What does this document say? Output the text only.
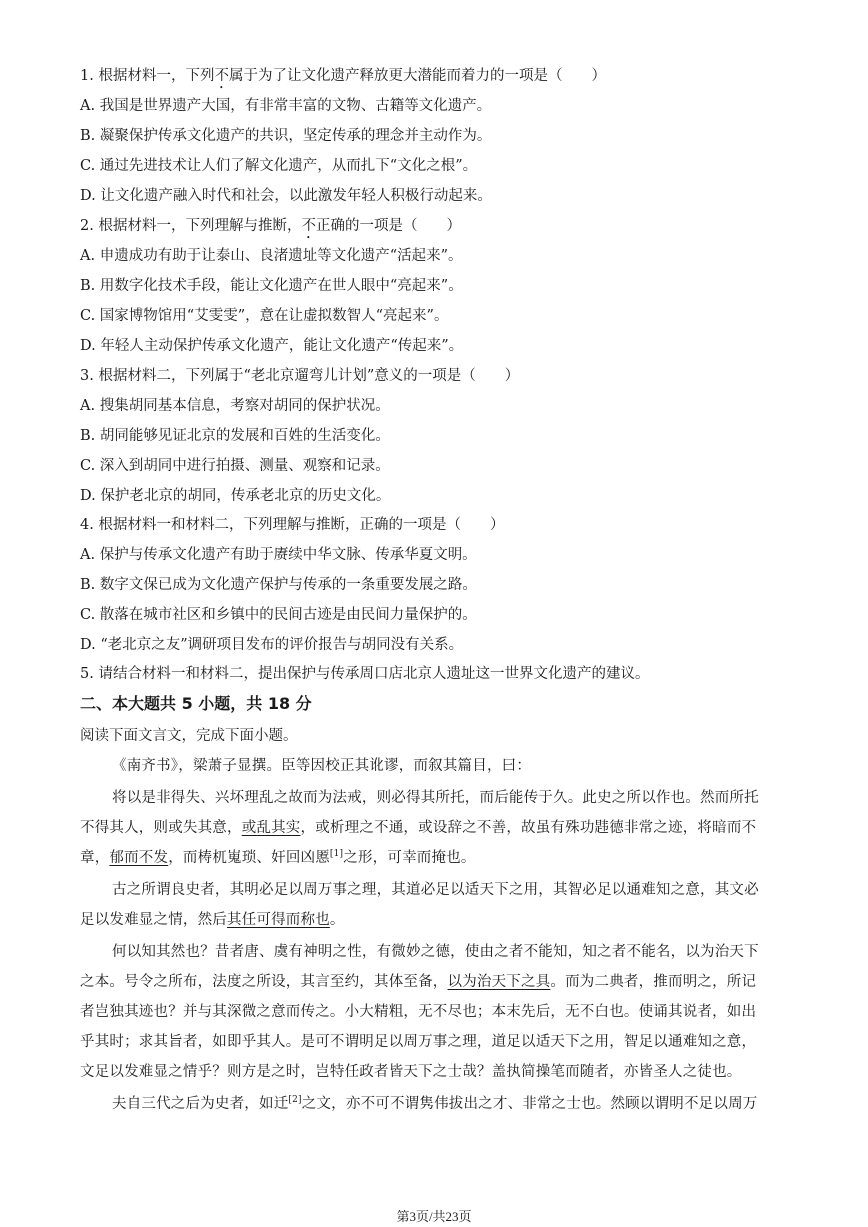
1. 根据材料一，下列不属于为了让文化遗产释放更大潜能而着力的一项是（　　）
A. 我国是世界遗产大国，有非常丰富的文物、古籍等文化遗产。
B. 凝聚保护传承文化遗产的共识，坚定传承的理念并主动作为。
C. 通过先进技术让人们了解文化遗产，从而扎下“文化之根”。
D. 让文化遗产融入时代和社会，以此激发年轻人积极行动起来。
2. 根据材料一，下列理解与推断，不正确的一项是（　　）
A. 申遗成功有助于让泰山、良渚遗址等文化遗产“活起来”。
B. 用数字化技术手段，能让文化遗产在世人眼中“亮起来”。
C. 国家博物馆用“艾雯雯”，意在让虚拟数智人“亮起来”。
D. 年轻人主动保护传承文化遗产，能让文化遗产“传起来”。
3. 根据材料二，下列属于“老北京遛弯儿计划”意义的一项是（　　）
A. 搜集胡同基本信息，考察对胡同的保护状况。
B. 胡同能够见证北京的发展和百姓的生活变化。
C. 深入到胡同中进行拍摄、测量、观察和记录。
D. 保护老北京的胡同，传承老北京的历史文化。
4. 根据材料一和材料二，下列理解与推断，正确的一项是（　　）
A. 保护与传承文化遗产有助于赓续中华文脉、传承华夏文明。
B. 数字文保已成为文化遗产保护与传承的一条重要发展之路。
C. 散落在城市社区和乡镇中的民间古迹是由民间力量保护的。
D. “老北京之友”调研项目发布的评价报告与胡同没有关系。
5. 请结合材料一和材料二，提出保护与传承周口店北京人遗址这一世界文化遗产的建议。
二、本大题共 5 小题，共 18 分
阅读下面文言文，完成下面小题。
《南齐书》，梁萧子显撰。臣等因校正其讹谬，而叙其篇目，曰：
将以是非得失、兴坏理乱之故而为法戒，则必得其所托，而后能传于久。此史之所以作也。然而所托
不得其人，则或失其意，或乱其实，或析理之不通，或设辞之不善，故虽有殊功韪德非常之迹，将暗而不
章，郁而不发，而梼杌嵬琐、奸回凶慝[1]之形，可幸而掩也。
古之所谓良史者，其明必足以周万事之理，其道必足以适天下之用，其智必足以通难知之意，其文必
足以发难显之情，然后其任可得而称也。
何以知其然也？昔者唐、虞有神明之性，有微妙之德，使由之者不能知，知之者不能名，以为治天下
之本。号令之所布，法度之所设，其言至约，其体至备，以为治天下之具。而为二典者，推而明之，所记
者岂独其迹也？并与其深微之意而传之。小大精粗，无不尽也；本末先后，无不白也。使诵其说者，如出
乎其时；求其旨者，如即乎其人。是可不谓明足以周万事之理，道足以适天下之用，智足以通难知之意，
文足以发难显之情乎？则方是之时，岂特任政者皆天下之士哉？盖执简操笔而随者，亦皆圣人之徒也。
夫自三代之后为史者，如迁[2]之文，亦不可不谓隽伟拔出之才、非常之士也。然顾以谓明不足以周万
第3页/共23页
